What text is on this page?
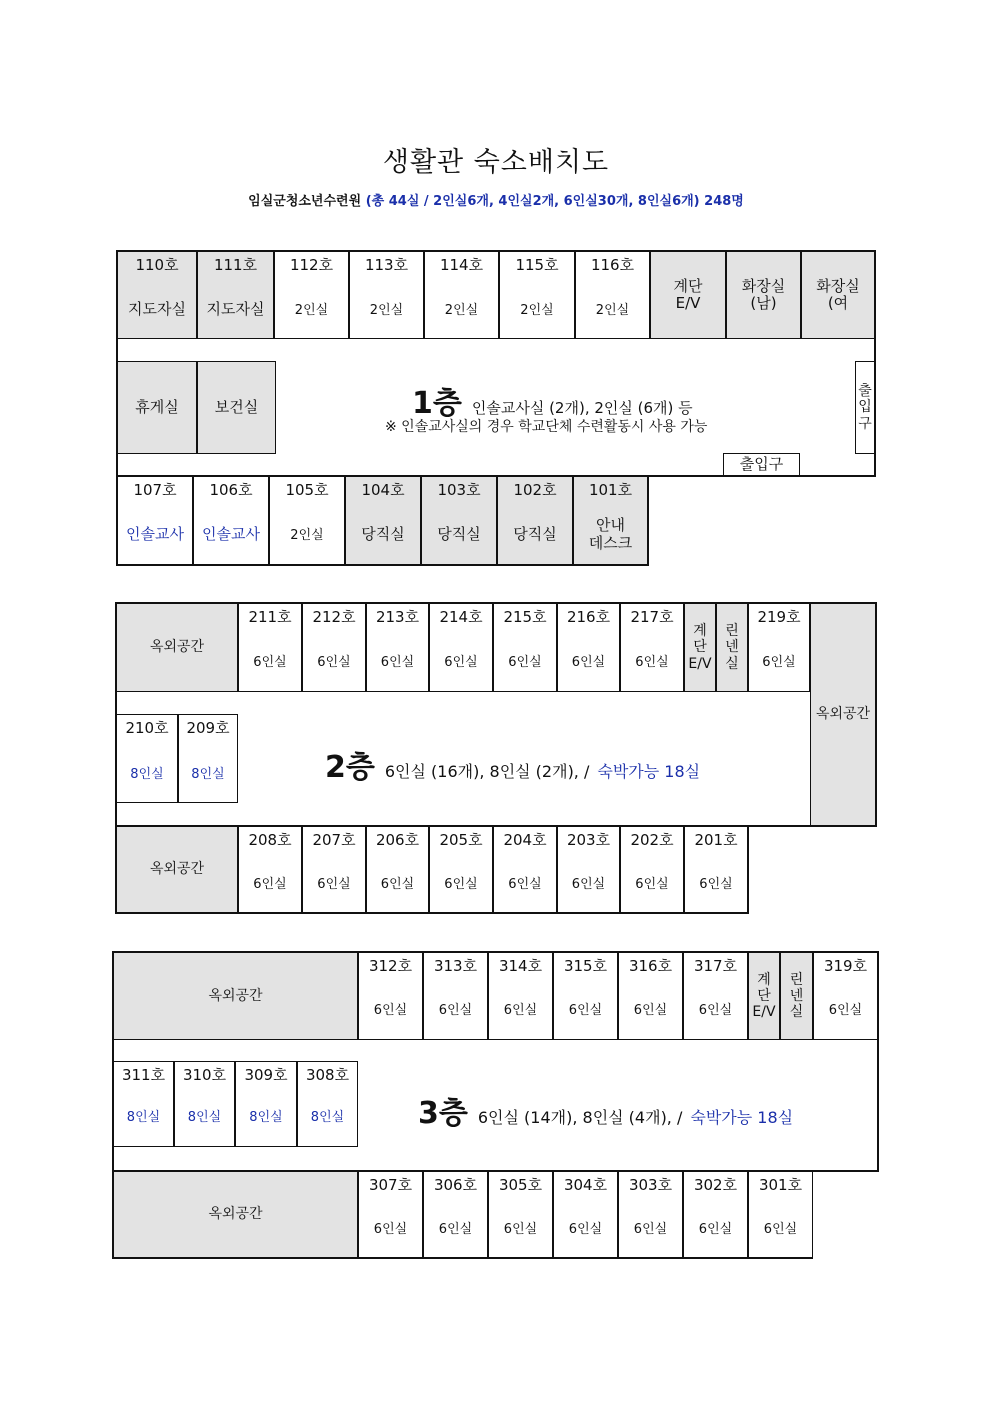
생활관 숙소배치도
임실군청소년수련원 (총 44실 / 2인실6개, 4인실2개, 6인실30개, 8인실6개) 248명
110호
지도자실
111호
지도자실
112호
2인실
113호
2인실
114호
2인실
115호
2인실
116호
2인실
계단
E/V
화장실
(남)
화장실
(여
휴게실	보건실	1층 인솔교사실 (2개), 2인실 (6개) 등
※ 인솔교사실의 경우 학교단체 수련활동시 사용 가능
출
입
구
출입구
107호
인솔교사
106호
인솔교사
105호
2인실
104호
당직실
103호
당직실
102호
당직실
101호
안내
데스크
옥외공간
211호
6인실
212호
6인실
213호
6인실
214호
6인실
215호
6인실
216호
6인실
217호
6인실
계
단
E/V
린
넨
실
219호
6인실
옥외공간
210호
8인실
209호
8인실	2층 6인실 (16개), 8인실 (2개), / 숙박가능 18실
옥외공간
208호
6인실
207호
6인실
206호
6인실
205호
6인실
204호
6인실
203호
6인실
202호
6인실
201호
6인실
옥외공간
312호
6인실
313호
6인실
314호
6인실
315호
6인실
316호
6인실
317호
6인실
계
단
E/V
린
넨
실
319호
6인실
311호
8인실
310호
8인실
309호
8인실
308호
8인실	3층 6인실 (14개), 8인실 (4개), / 숙박가능 18실
옥외공간
307호
6인실
306호
6인실
305호
6인실
304호
6인실
303호
6인실
302호
6인실
301호
6인실
